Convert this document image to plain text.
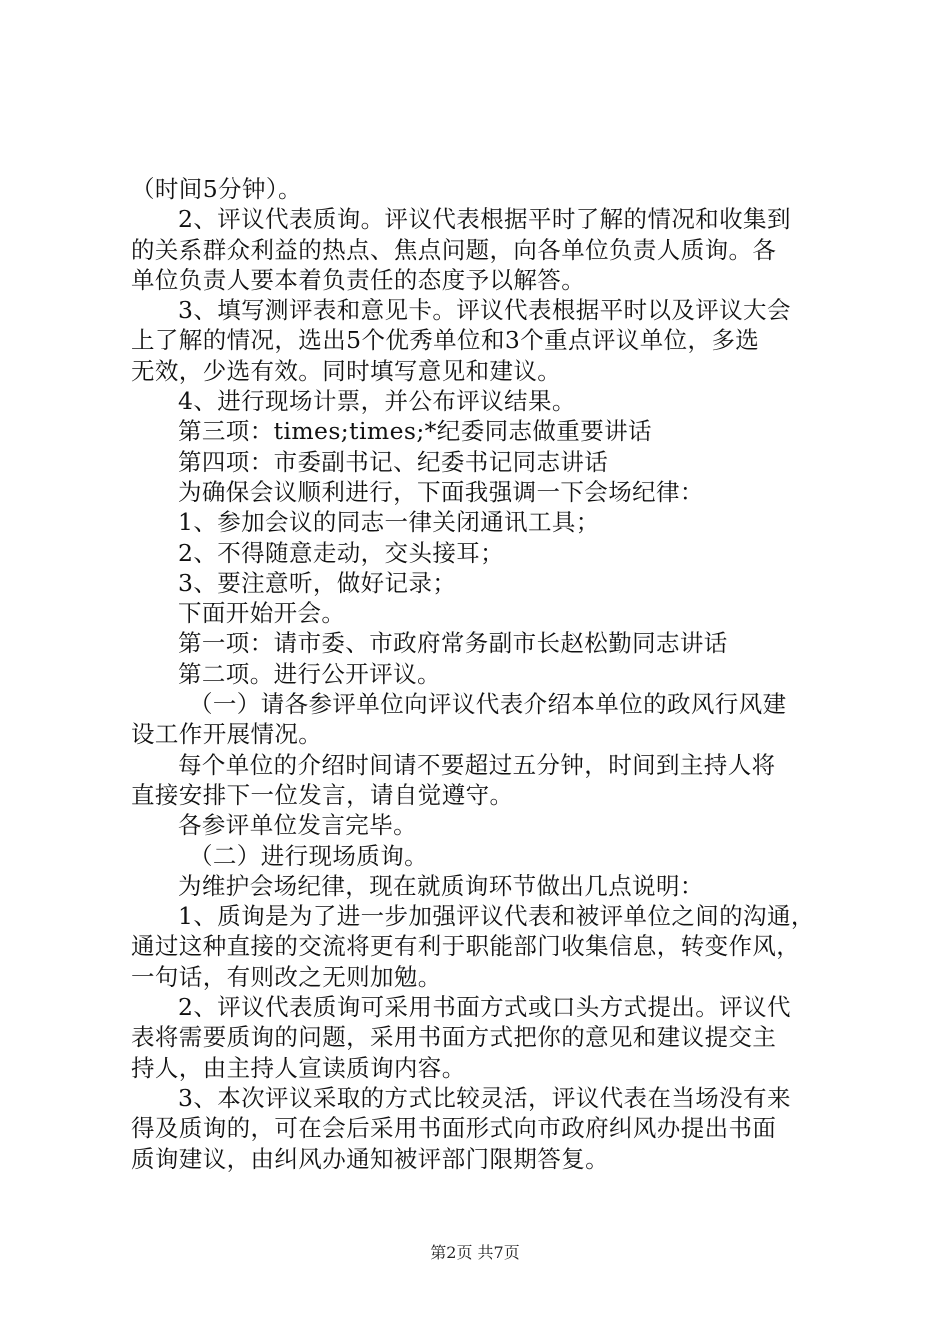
（时间5分钟）。
2、评议代表质询。评议代表根据平时了解的情况和收集到
的关系群众利益的热点、焦点问题，向各单位负责人质询。各
单位负责人要本着负责任的态度予以解答。
3、填写测评表和意见卡。评议代表根据平时以及评议大会
上了解的情况，选出5个优秀单位和3个重点评议单位，多选
无效，少选有效。同时填写意见和建议。
4、进行现场计票，并公布评议结果。
第三项：times;times;*纪委同志做重要讲话
第四项：市委副书记、纪委书记同志讲话
为确保会议顺利进行，下面我强调一下会场纪律：
1、参加会议的同志一律关闭通讯工具；
2、不得随意走动，交头接耳；
3、要注意听，做好记录；
下面开始开会。
第一项：请市委、市政府常务副市长赵松勤同志讲话
第二项。进行公开评议。
（一）请各参评单位向评议代表介绍本单位的政风行风建
设工作开展情况。
每个单位的介绍时间请不要超过五分钟，时间到主持人将
直接安排下一位发言，请自觉遵守。
各参评单位发言完毕。
（二）进行现场质询。
为维护会场纪律，现在就质询环节做出几点说明：
1、质询是为了进一步加强评议代表和被评单位之间的沟通，
通过这种直接的交流将更有利于职能部门收集信息，转变作风，
一句话，有则改之无则加勉。
2、评议代表质询可采用书面方式或口头方式提出。评议代
表将需要质询的问题，采用书面方式把你的意见和建议提交主
持人，由主持人宣读质询内容。
3、本次评议采取的方式比较灵活，评议代表在当场没有来
得及质询的，可在会后采用书面形式向市政府纠风办提出书面
质询建议，由纠风办通知被评部门限期答复。
第2页 共7页
